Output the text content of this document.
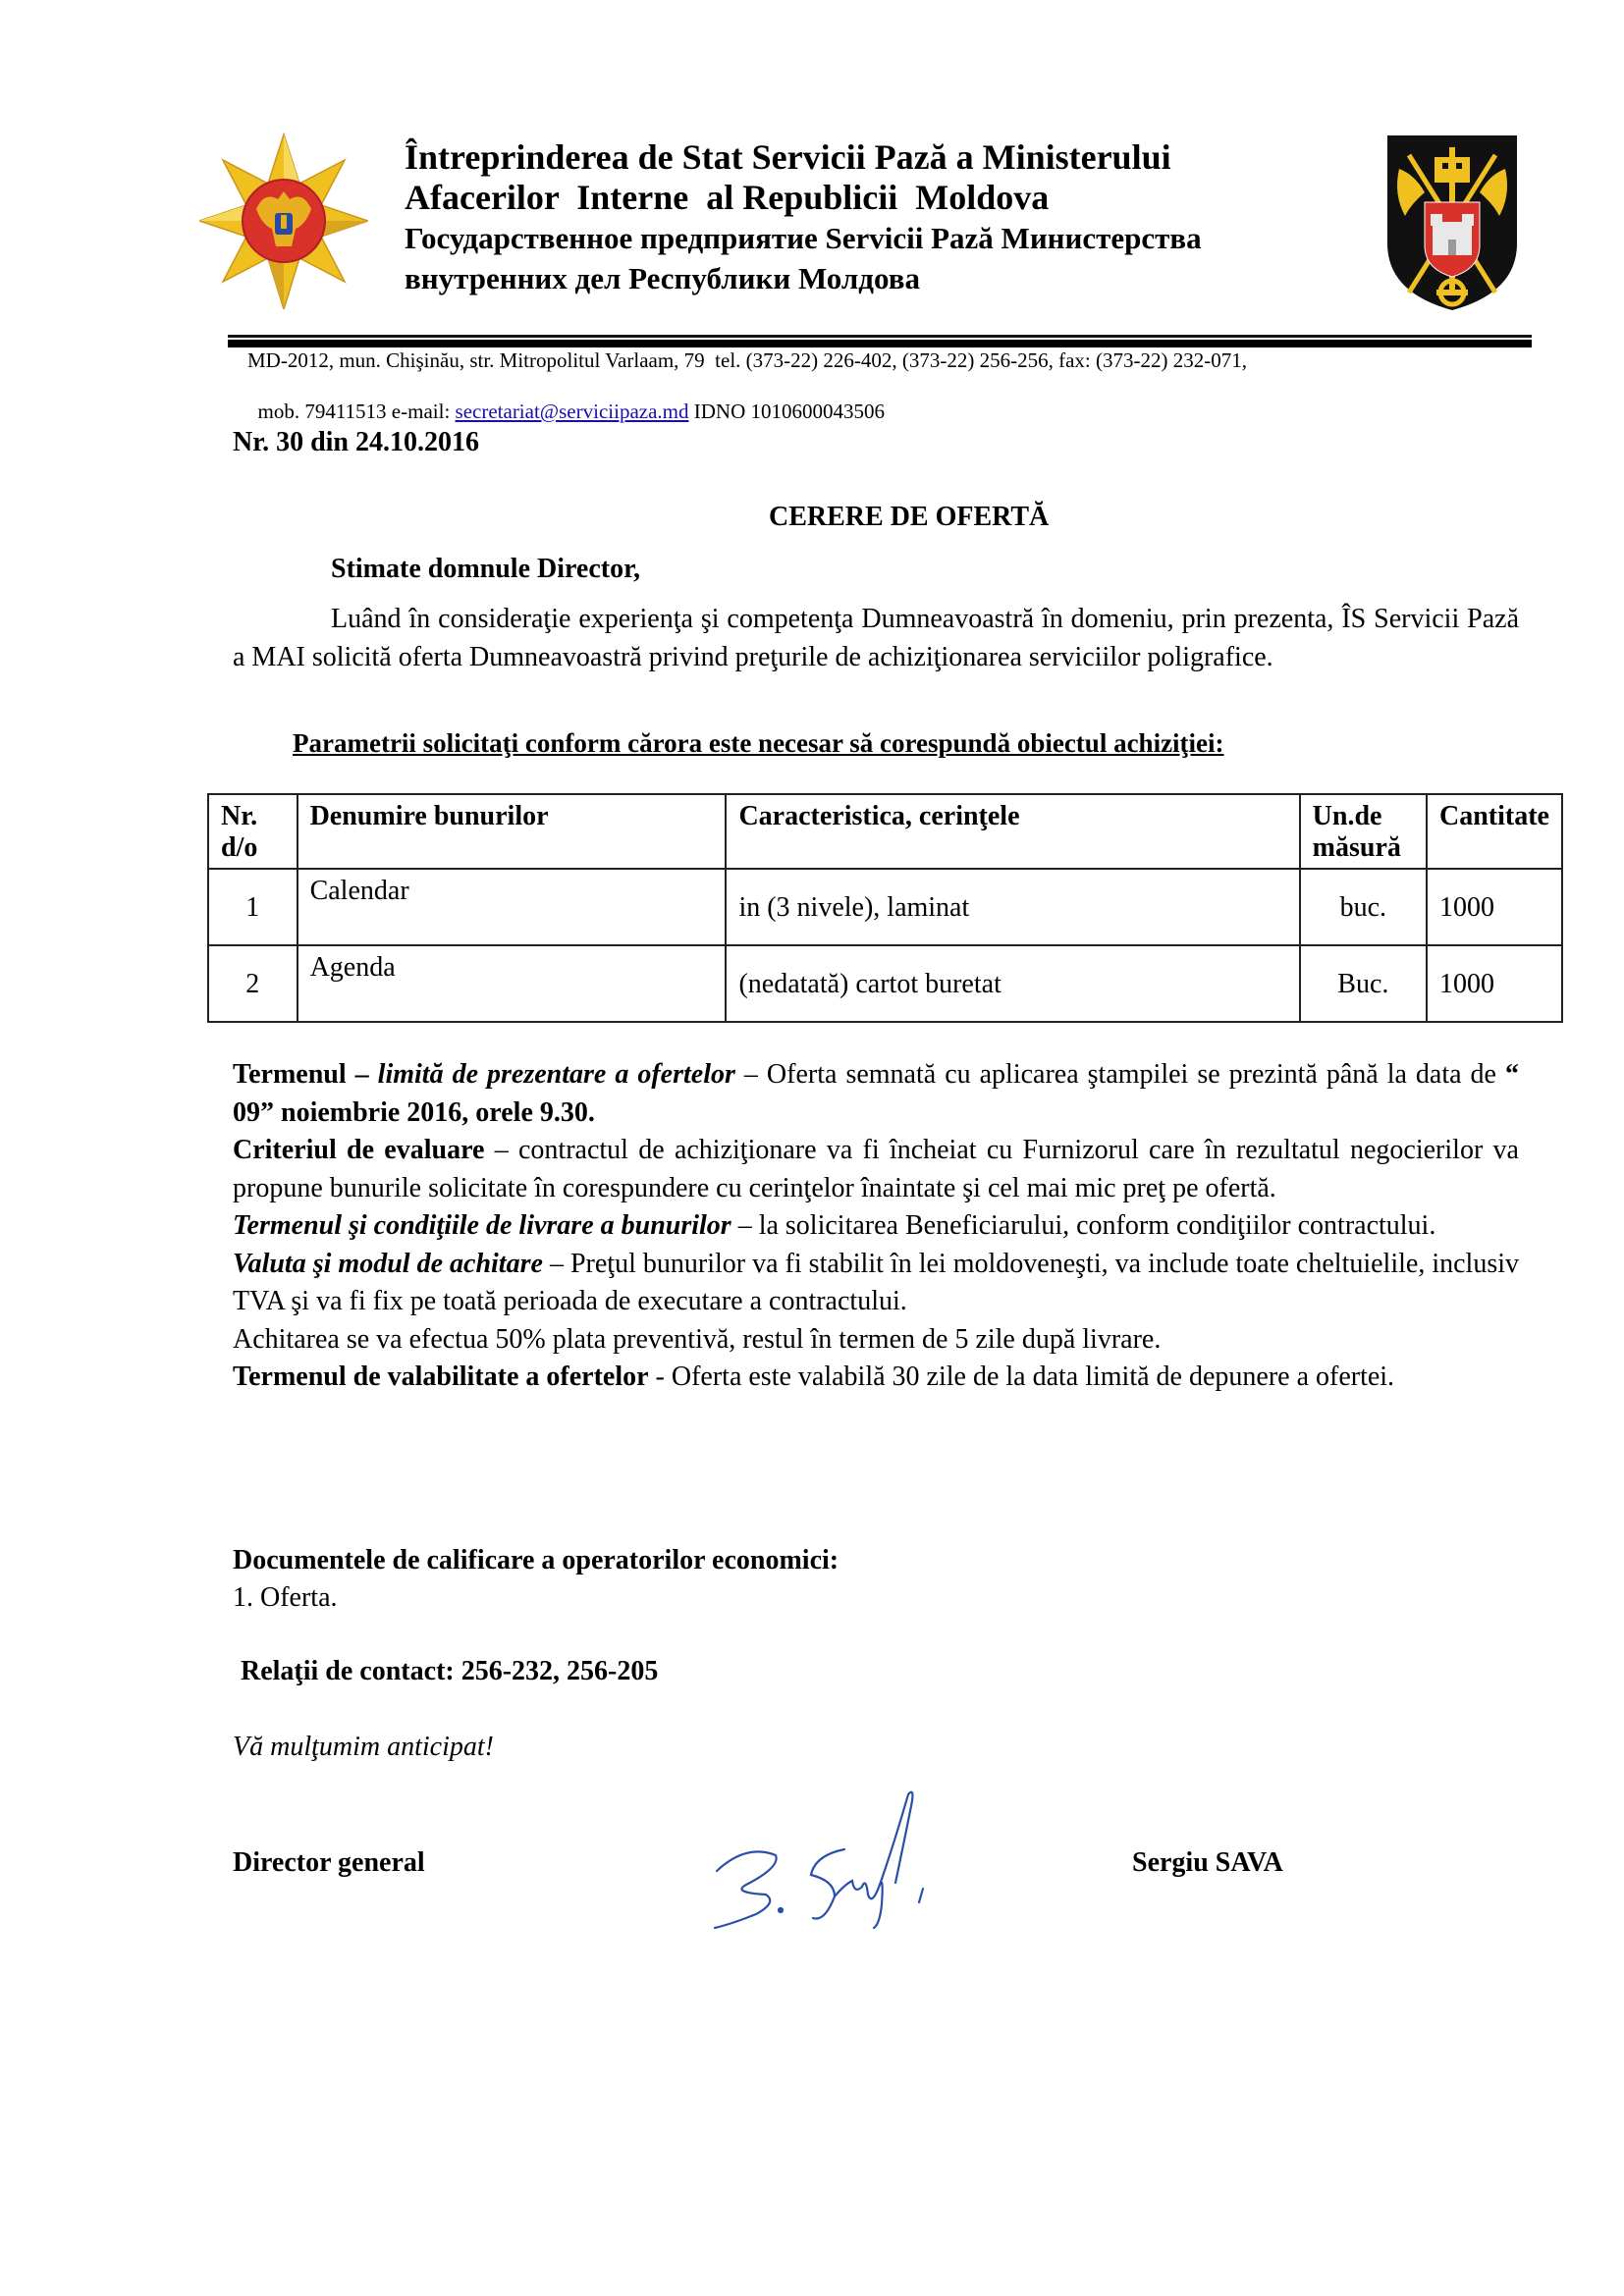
Întreprinderea de Stat Servicii Pază a Ministerului
Afacerilor  Interne  al Republicii  Moldova
Государственное предприятие Servicii Pază Министерства
внутренних дел Республики Молдова
MD-2012, mun. Chişinău, str. Mitropolitul Varlaam, 79  tel. (373-22) 226-402, (373-22) 256-256, fax: (373-22) 232-071,

mob. 79411513 e-mail: secretariat@serviciipaza.md IDNO 1010600043506

Nr. 30 din 24.10.2016
CERERE DE OFERTĂ
Stimate domnule Director,

Luând în consideraţie experienţa şi competenţa Dumneavoastră în domeniu, prin prezenta, ÎS Servicii Pază a MAI solicită oferta Dumneavoastră privind preţurile de achiziţionarea serviciilor poligrafice.

Parametrii solicitaţi conform cărora este necesar să corespundă obiectul achiziţiei:
Nr. d/o	Denumire bunurilor	Caracteristica, cerinţele	Un.de măsură	Cantitate
1	Calendar	in (3 nivele), laminat	buc.	1000
2	Agenda	(nedatată) cartot buretat	Buc.	1000

Termenul – limită de prezentare a ofertelor – Oferta semnată cu aplicarea ştampilei se prezintă până la data de “ 09” noiembrie 2016, orele 9.30.

Criteriul de evaluare – contractul de achiziţionare va fi încheiat cu Furnizorul care în rezultatul negocierilor va propune bunurile solicitate în corespundere cu cerinţelor înaintate şi cel mai mic preţ pe ofertă.

Termenul şi condiţiile de livrare a bunurilor – la solicitarea Beneficiarului, conform condiţiilor contractului.

Valuta şi modul de achitare – Preţul bunurilor va fi stabilit în lei moldoveneşti, va include toate cheltuielile, inclusiv TVA şi va fi fix pe toată perioada de executare a contractului.

Achitarea se va efectua 50% plata preventivă, restul în termen de 5 zile după livrare.

Termenul de valabilitate a ofertelor - Oferta este valabilă 30 zile de la data limită de depunere a ofertei.

Documentele de calificare a operatorilor economici:
1. Oferta.
Relaţii de contact: 256-232, 256-205
Vă mulţumim anticipat!
Director general	Sergiu SAVA
